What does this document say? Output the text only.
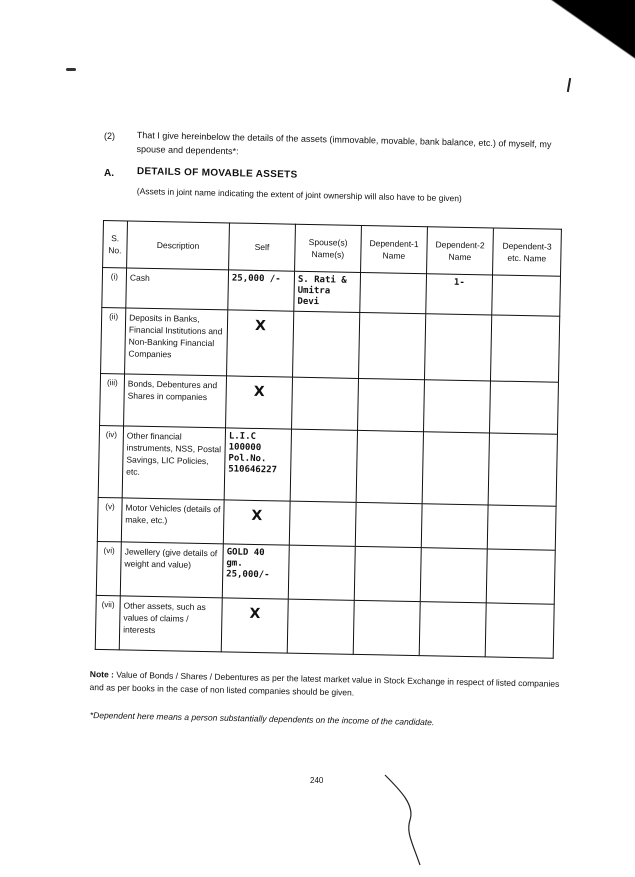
(2) That I give hereinbelow the details of the assets (immovable, movable, bank balance, etc.) of myself, my spouse and dependents*:
A. DETAILS OF MOVABLE ASSETS
(Assets in joint name indicating the extent of joint ownership will also have to be given)
S. No.	Description	Self	Spouse(s) Name(s)	Dependent-1 Name	Dependent-2 Name	Dependent-3 etc. Name
(i)	Cash	25,000 /-	S. Rati & Umitra Devi		1-	
(ii)	Deposits in Banks, Financial Institutions and Non-Banking Financial Companies	X				

(iii)	Bonds, Debentures and Shares in companies	X				

(iv)	Other financial instruments, NSS, Postal Savings, LIC Policies, etc.	L.I.C 100000 Pol.No. 510646227				
(v)	Motor Vehicles (details of make, etc.)	X				

(vi)	Jewellery (give details of weight and value)	GOLD 40 gm. 25,000/-				
(vii)	Other assets, such as values of claims / interests	X				

Note : Value of Bonds / Shares / Debentures as per the latest market value in Stock Exchange in respect of listed companies and as per books in the case of non listed companies should be given.
*Dependent here means a person substantially dependents on the income of the candidate.
240
